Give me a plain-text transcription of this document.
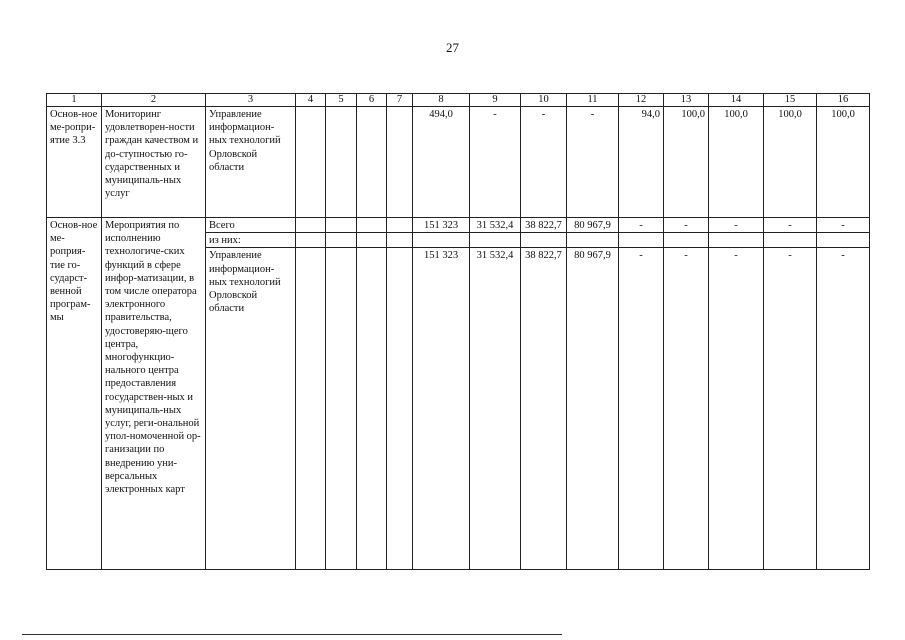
27
1	2	3	4	5	6	7	8	9	10	11	12	13	14	15	16
Основ-ное ме-ропри-ятие 3.3	Мониторинг удовлетворен-ности граждан качеством и до-ступностью го-сударственных и муниципаль-ных услуг	Управление информацион-ных технологий Орловской области					494,0	-	-	-	94,0	100,0	100,0	100,0	100,0
Основ-ное ме-роприя-тие го-сударст-венной програм-мы	Мероприятия по исполнению технологиче-ских функций в сфере инфор-матизации, в том числе оператора электронного правительства, удостоверяю-щего центра, многофункцио-нального центра предоставления государствен-ных и муниципаль-ных услуг, реги-ональной упол-номоченной ор-ганизации по внедрению уни-версальных электронных карт	Всего					151 323	31 532,4	38 822,7	80 967,9	-	-	-	-	-
		из них:													
		Управление информацион-ных технологий Орловской области					151 323	31 532,4	38 822,7	80 967,9	-	-	-	-	-
